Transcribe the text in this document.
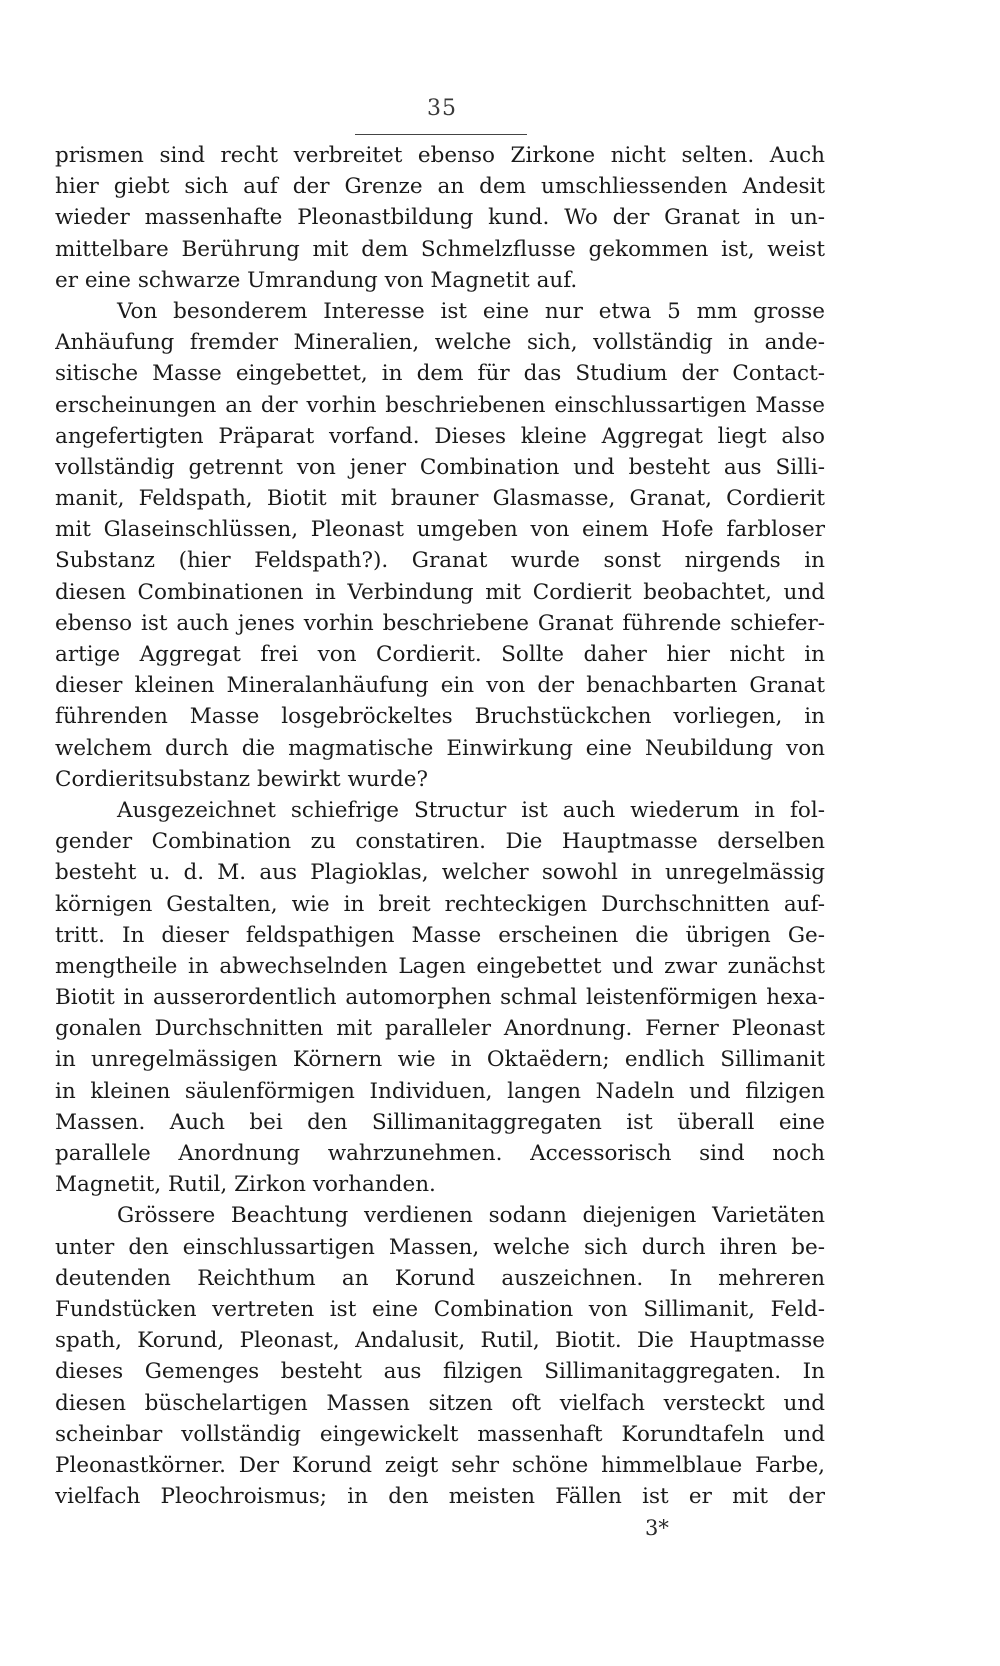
35
prismen sind recht verbreitet ebenso Zirkone nicht selten. Auch
hier giebt sich auf der Grenze an dem umschliessenden Andesit
wieder massenhafte Pleonastbildung kund. Wo der Granat in un-
mittelbare Berührung mit dem Schmelzflusse gekommen ist, weist
er eine schwarze Umrandung von Magnetit auf.
Von besonderem Interesse ist eine nur etwa 5 mm grosse
Anhäufung fremder Mineralien, welche sich, vollständig in ande-
sitische Masse eingebettet, in dem für das Studium der Contact-
erscheinungen an der vorhin beschriebenen einschlussartigen Masse
angefertigten Präparat vorfand. Dieses kleine Aggregat liegt also
vollständig getrennt von jener Combination und besteht aus Silli-
manit, Feldspath, Biotit mit brauner Glasmasse, Granat, Cordierit
mit Glaseinschlüssen, Pleonast umgeben von einem Hofe farbloser
Substanz (hier Feldspath?). Granat wurde sonst nirgends in
diesen Combinationen in Verbindung mit Cordierit beobachtet, und
ebenso ist auch jenes vorhin beschriebene Granat führende schiefer-
artige Aggregat frei von Cordierit. Sollte daher hier nicht in
dieser kleinen Mineralanhäufung ein von der benachbarten Granat
führenden Masse losgebröckeltes Bruchstückchen vorliegen, in
welchem durch die magmatische Einwirkung eine Neubildung von
Cordieritsubstanz bewirkt wurde?
Ausgezeichnet schiefrige Structur ist auch wiederum in fol-
gender Combination zu constatiren. Die Hauptmasse derselben
besteht u. d. M. aus Plagioklas, welcher sowohl in unregelmässig
körnigen Gestalten, wie in breit rechteckigen Durchschnitten auf-
tritt. In dieser feldspathigen Masse erscheinen die übrigen Ge-
mengtheile in abwechselnden Lagen eingebettet und zwar zunächst
Biotit in ausserordentlich automorphen schmal leistenförmigen hexa-
gonalen Durchschnitten mit paralleler Anordnung. Ferner Pleonast
in unregelmässigen Körnern wie in Oktaëdern; endlich Sillimanit
in kleinen säulenförmigen Individuen, langen Nadeln und filzigen
Massen. Auch bei den Sillimanitaggregaten ist überall eine
parallele Anordnung wahrzunehmen. Accessorisch sind noch
Magnetit, Rutil, Zirkon vorhanden.
Grössere Beachtung verdienen sodann diejenigen Varietäten
unter den einschlussartigen Massen, welche sich durch ihren be-
deutenden Reichthum an Korund auszeichnen. In mehreren
Fundstücken vertreten ist eine Combination von Sillimanit, Feld-
spath, Korund, Pleonast, Andalusit, Rutil, Biotit. Die Hauptmasse
dieses Gemenges besteht aus filzigen Sillimanitaggregaten. In
diesen büschelartigen Massen sitzen oft vielfach versteckt und
scheinbar vollständig eingewickelt massenhaft Korundtafeln und
Pleonastkörner. Der Korund zeigt sehr schöne himmelblaue Farbe,
vielfach Pleochroismus; in den meisten Fällen ist er mit der
3*
